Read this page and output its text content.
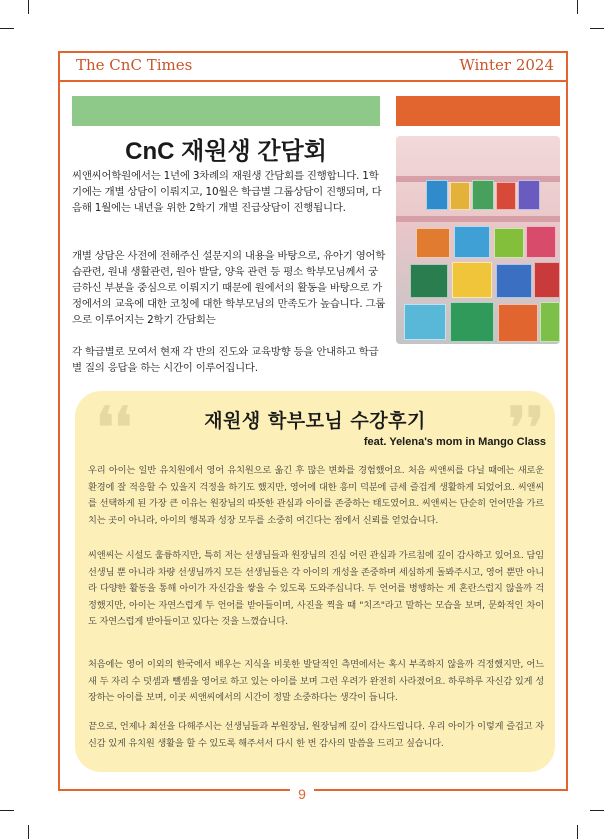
The CnC Times	Winter 2024
CnC 재원생 간담회

씨앤씨어학원에서는 1년에 3차례의 재원생 간담회를 진행합니다. 1학기에는 개별 상담이 이뤄지고, 10월은 학급별 그룹상담이 진행되며, 다음해 1월에는 내년을 위한 2학기 개별 진급상담이 진행됩니다.

개별 상담은 사전에 전해주신 설문지의 내용을 바탕으로, 유아기 영어학습관련, 원내 생활관련, 원아 발달, 양육 관련 등 평소 학부모님께서 궁금하신 부분을 중심으로 이뤄지기 때문에 원에서의 활동을 바탕으로 가정에서의 교육에 대한 코칭에 대한 학부모님의 만족도가 높습니다. 그룹으로 이루어지는 2학기 간담회는

각 학급별로 모여서 현재 각 반의 진도와 교육방향 등을 안내하고 학급별 질의 응답을 하는 시간이 이루어집니다.

❛❛	❜❜
재원생 학부모님 수강후기
feat. Yelena's mom in Mango Class

우리 아이는 일반 유치원에서 영어 유치원으로 옮긴 후 많은 변화를 경험했어요. 처음 씨앤씨를 다닐 때에는 새로운 환경에 잘 적응할 수 있을지 걱정을 하기도 했지만, 영어에 대한 흥미 덕분에 금세 즐겁게 생활하게 되었어요. 씨앤씨를 선택하게 된 가장 큰 이유는 원장님의 따뜻한 관심과 아이를 존중하는 태도였어요. 씨앤씨는 단순히 언어만을 가르치는 곳이 아니라, 아이의 행복과 성장 모두를 소중히 여긴다는 점에서 신뢰를 얻었습니다.

씨앤씨는 시설도 훌륭하지만, 특히 저는 선생님들과 원장님의 진심 어린 관심과 가르침에 깊이 감사하고 있어요. 담임선생님 뿐 아니라 차량 선생님까지 모든 선생님들은 각 아이의 개성을 존중하며 세심하게 돌봐주시고, 영어 뿐만 아니라 다양한 활동을 통해 아이가 자신감을 쌓을 수 있도록 도와주십니다. 두 언어를 병행하는 게 혼란스럽지 않을까 걱정했지만, 아이는 자연스럽게 두 언어를 받아들이며, 사진을 찍을 때 "치즈"라고 말하는 모습을 보며, 문화적인 차이도 자연스럽게 받아들이고 있다는 것을 느꼈습니다.

처음에는 영어 이외의 한국에서 배우는 지식을 비롯한 발달적인 측면에서는 혹시 부족하지 않을까 걱정했지만, 어느새 두 자리 수 덧셈과 뺄셈을 영어로 하고 있는 아이를 보며 그런 우려가 완전히 사라졌어요. 하루하루 자신감 있게 성장하는 아이를 보며, 이곳 씨앤씨에서의 시간이 정말 소중하다는 생각이 듭니다.

끝으로, 언제나 최선을 다해주시는 선생님들과 부원장님, 원장님께 깊이 감사드립니다. 우리 아이가 이렇게 즐겁고 자신감 있게 유치원 생활을 할 수 있도록 해주셔서 다시 한 번 감사의 말씀을 드리고 싶습니다.

9
